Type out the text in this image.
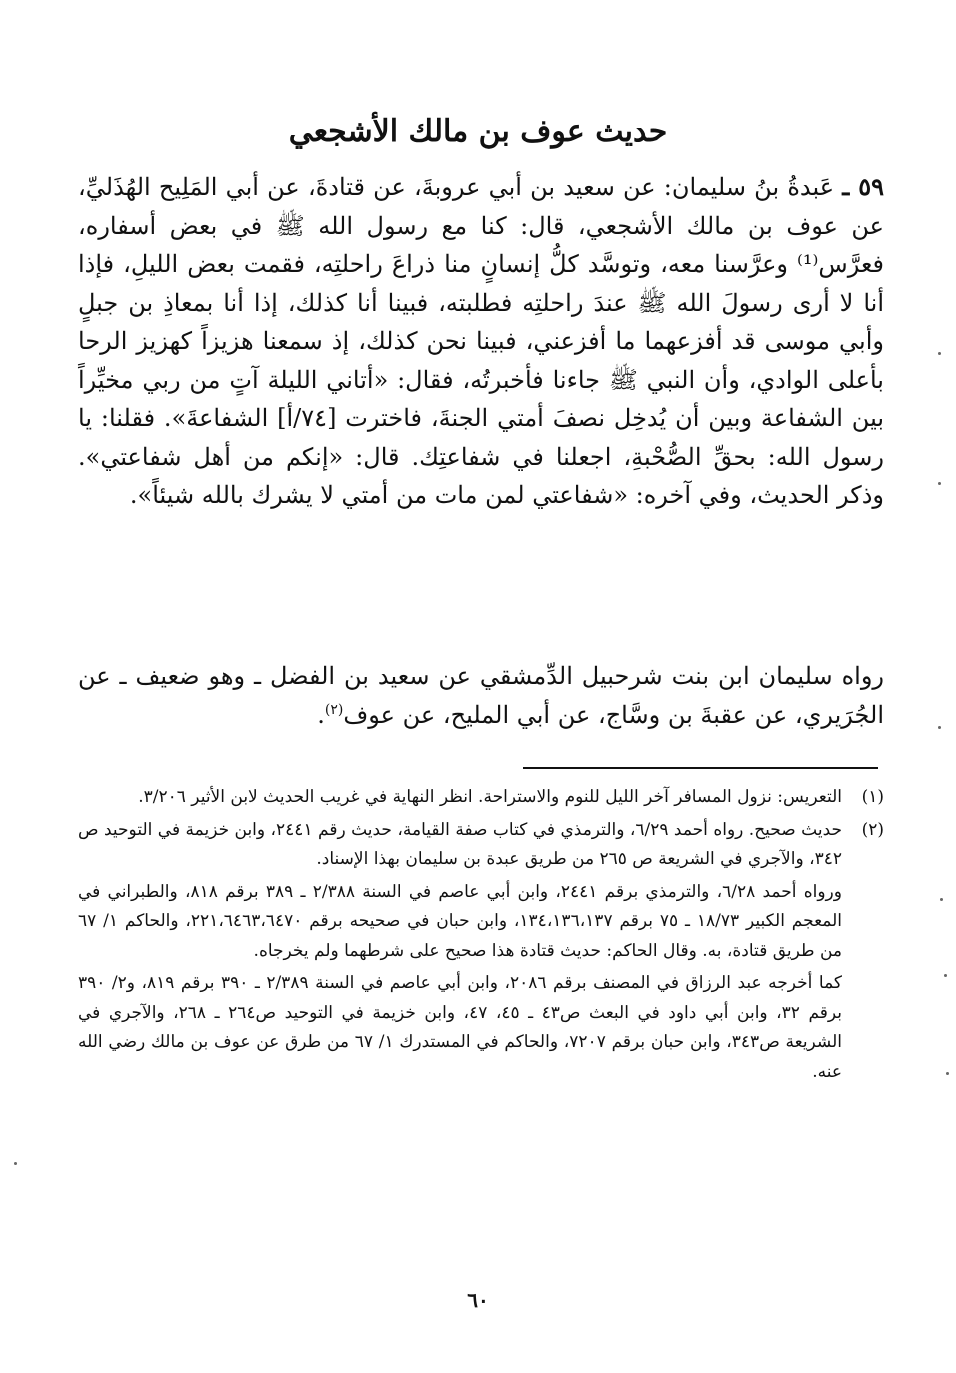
حديث عوف بن مالك الأشجعي

٥٩ ـ عَبدةُ بنُ سليمان: عن سعيد بن أبي عروبةَ، عن قتادةَ، عن أبي المَلِيح الهُذَليِّ، عن عوف بن مالك الأشجعي، قال: كنا مع رسول الله ﷺ في بعض أسفاره، فعرَّس⁽¹⁾ وعرَّسنا معه، وتوسَّد كلُّ إنسانٍ منا ذراعَ راحلتِه، فقمت بعض الليلِ، فإذا أنا لا أرى رسولَ الله ﷺ عندَ راحلتِه فطلبته، فبينا أنا كذلك، إذا أنا بمعاذِ بن جبلٍ وأبي موسى قد أفزعهما ما أفزعني، فبينا نحن كذلك، إذ سمعنا هزيزاً كهزيز الرحا بأعلى الوادي، وأن النبي ﷺ جاءنا فأخبرتُه، فقال: «أتاني الليلة آتٍ من ربي مخيِّراً بين الشفاعة وبين أن يُدخِل نصفَ أمتي الجنةَ، فاخترت [٧٤/أ] الشفاعةَ». فقلنا: يا رسول الله: بحقِّ الصُّحْبةِ، اجعلنا في شفاعتِك. قال: «إنكم من أهل شفاعتي». وذكر الحديث، وفي آخره: «شفاعتي لمن مات من أمتي لا يشرك بالله شيئاً».

رواه سليمان ابن بنت شرحبيل الدِّمشقي عن سعيد بن الفضل ـ وهو ضعيف ـ عن الجُرَيري، عن عقبةَ بن وسَّاج، عن أبي المليح، عن عوف$^{(٢)}$.

(١)

التعريس: نزول المسافر آخر الليل للنوم والاستراحة. انظر النهاية في غريب الحديث لابن الأثير ٣/٢٠٦.

(٢)

حديث صحيح. رواه أحمد ٦/٢٩، والترمذي في كتاب صفة القيامة، حديث رقم ٢٤٤١، وابن خزيمة في التوحيد ص ٣٤٢، والآجري في الشريعة ص ٢٦٥ من طريق عبدة بن سليمان بهذا الإسناد.

ورواه أحمد ٦/٢٨، والترمذي برقم ٢٤٤١، وابن أبي عاصم في السنة ٢/٣٨٨ ـ ٣٨٩ برقم ٨١٨، والطبراني في المعجم الكبير ١٨/٧٣ ـ ٧٥ برقم ١٣٤،١٣٦،١٣٧، وابن حبان في صحيحه برقم ٢٢١،٦٤٦٣،٦٤٧٠، والحاكم ١/ ٦٧ من طريق قتادة، به. وقال الحاكم: حديث قتادة هذا صحيح على شرطهما ولم يخرجاه.

كما أخرجه عبد الرزاق في المصنف برقم ٢٠٨٦، وابن أبي عاصم في السنة ٢/٣٨٩ ـ ٣٩٠ برقم ٨١٩، و٢/ ٣٩٠ برقم ٣٢، وابن أبي داود في البعث ص٤٣ ـ ٤٥، ٤٧، وابن خزيمة في التوحيد ص٢٦٤ ـ ٢٦٨، والآجري في الشريعة ص٣٤٣، وابن حبان برقم ٧٢٠٧، والحاكم في المستدرك ١/ ٦٧ من طرق عن عوف بن مالك رضي الله عنه.

٦٠
